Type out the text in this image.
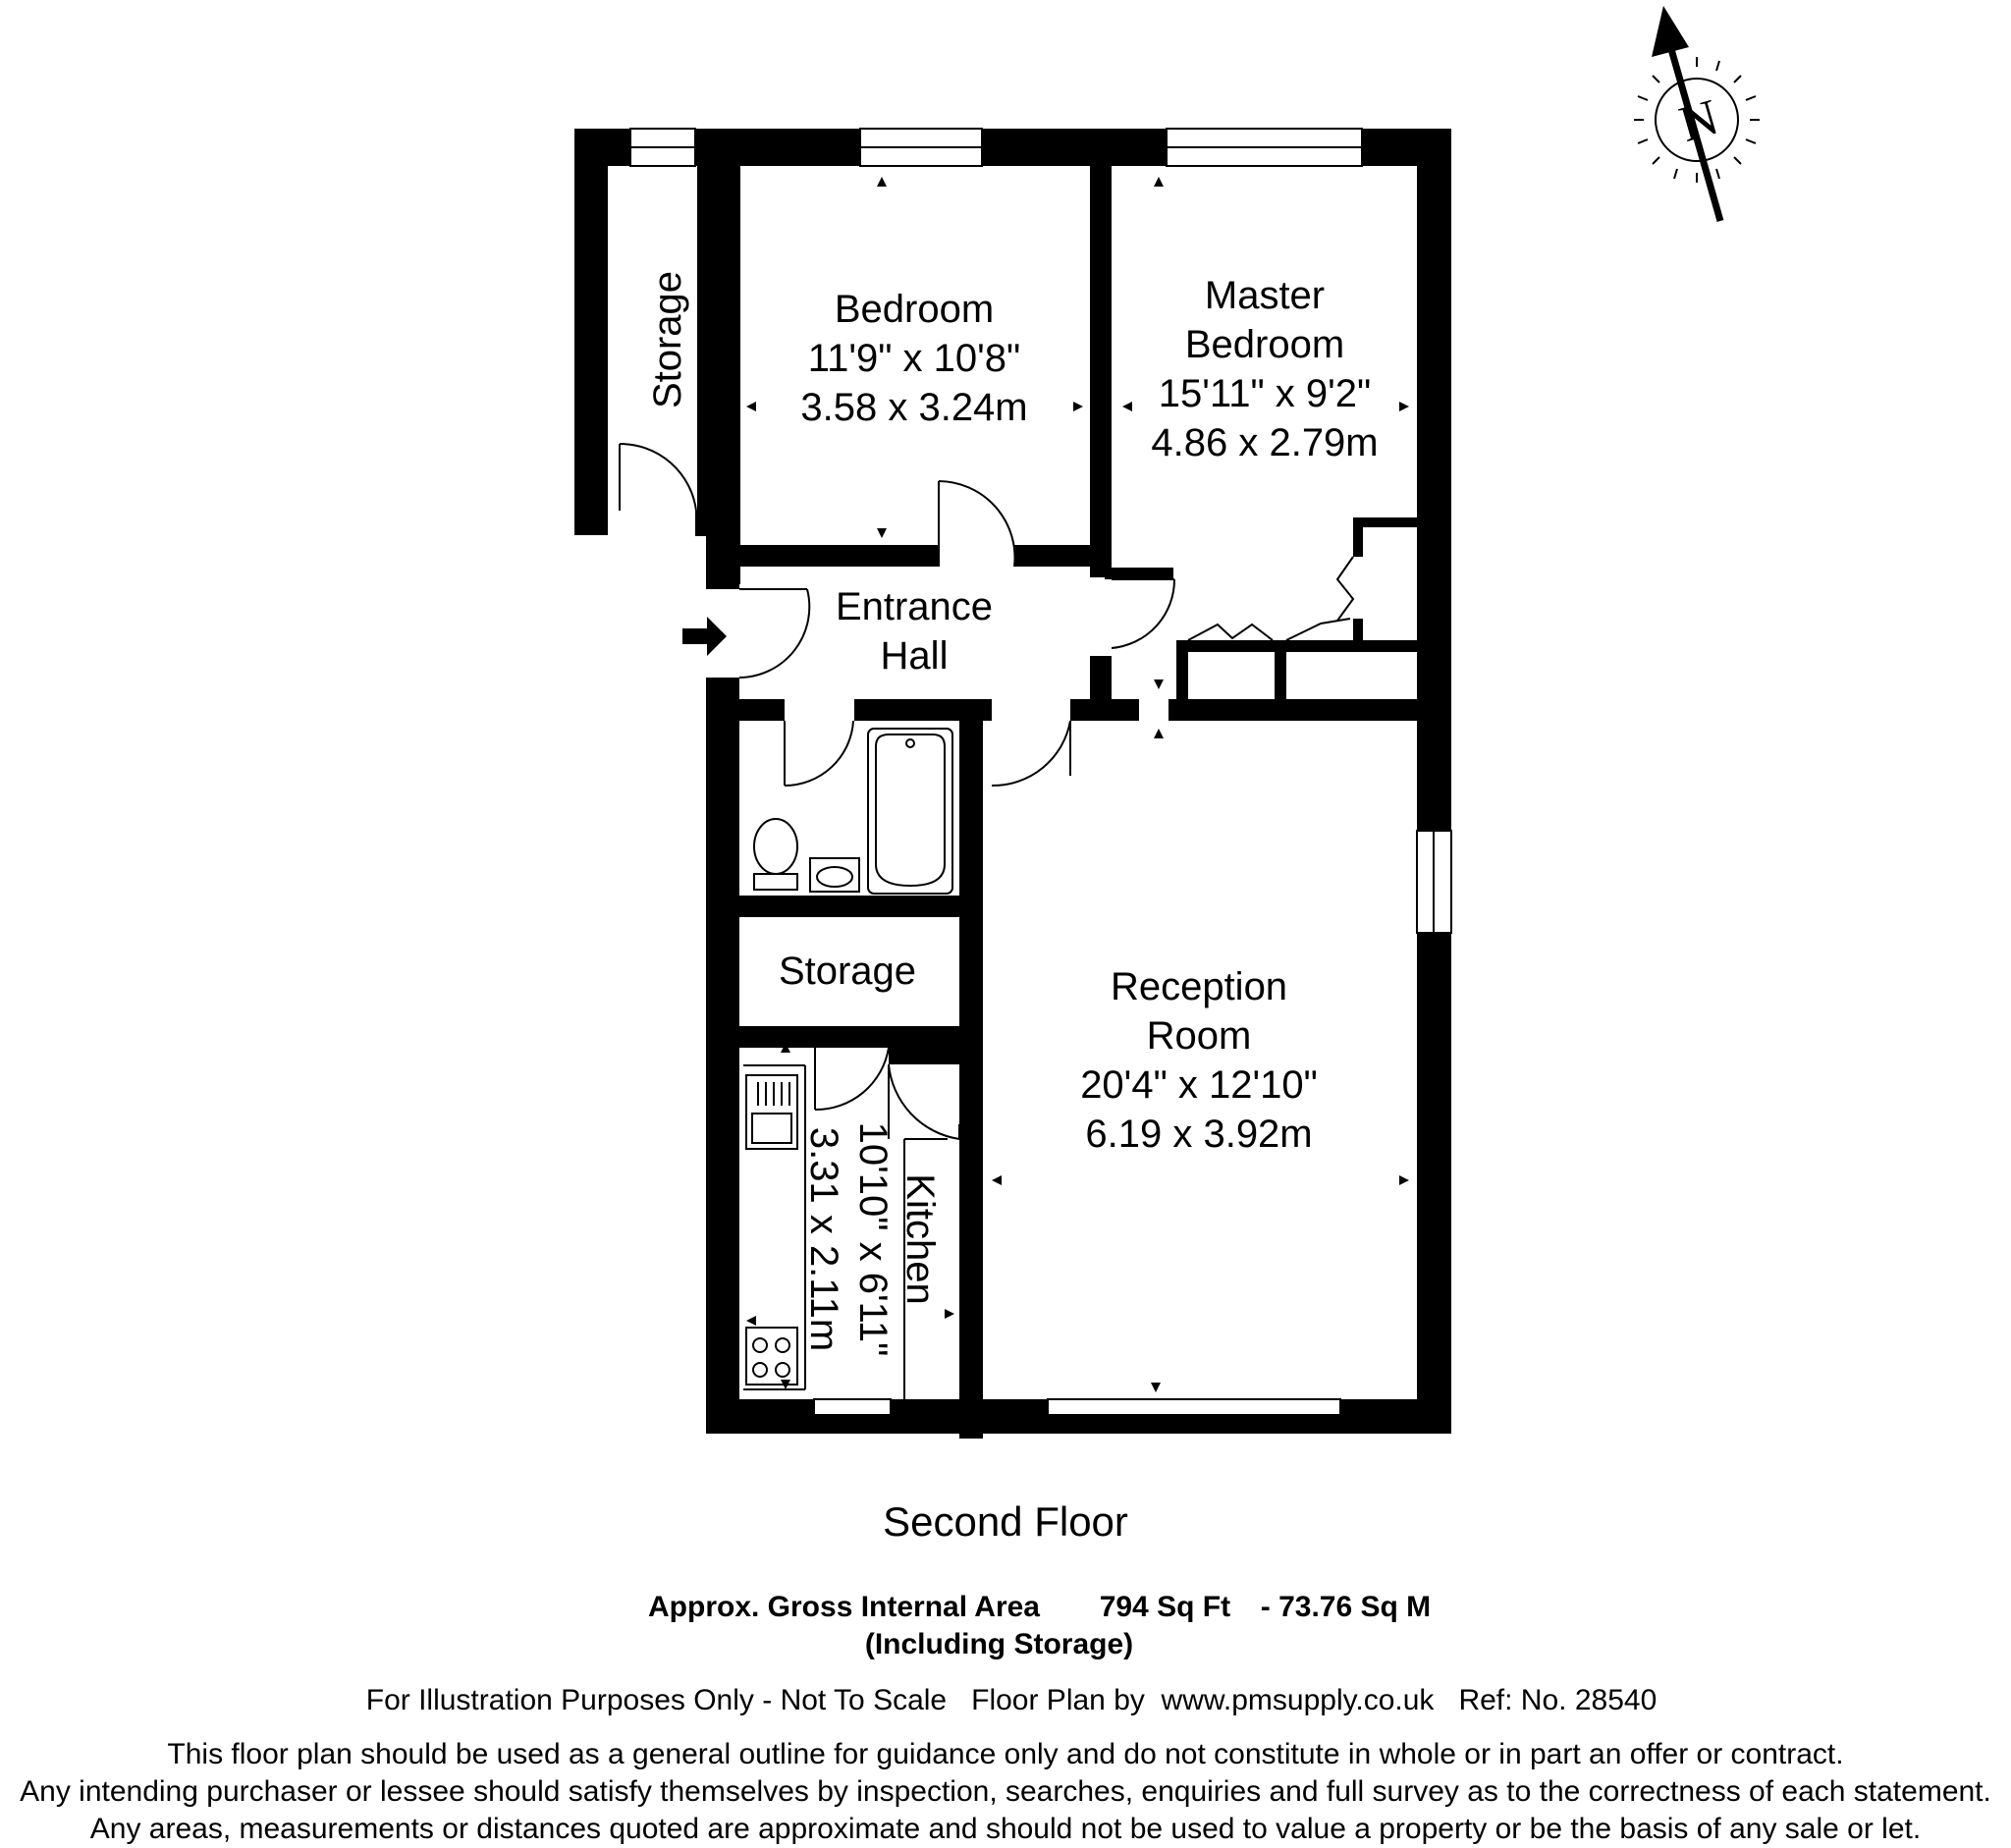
N
Storage	Bedroom
11'9" x 10'8"
3.58 x 3.24m
Master
Bedroom
15'11" x 9'2"
4.86 x 2.79m
Entrance
Hall
Storage	Reception
Room
20'4" x 12'10"
6.19 x 3.92m
Kitchen
10'10" x 6'11"
3.31 x 2.11m
Second Floor
Approx. Gross Internal Area 794 Sq Ft - 73.76 Sq M
(Including Storage)
For Illustration Purposes Only - Not To Scale Floor Plan by  www.pmsupply.co.uk Ref: No. 28540
This floor plan should be used as a general outline for guidance only and do not constitute in whole or in part an offer or contract.
Any intending purchaser or lessee should satisfy themselves by inspection, searches, enquiries and full survey as to the correctness of each statement.
Any areas, measurements or distances quoted are approximate and should not be used to value a property or be the basis of any sale or let.
